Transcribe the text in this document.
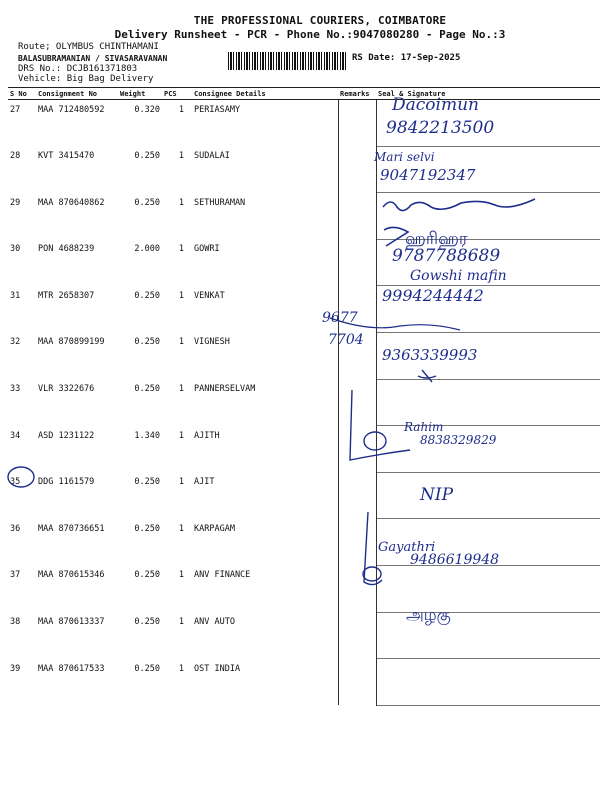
THE PROFESSIONAL COURIERS, COIMBATORE
Delivery Runsheet - PCR - Phone No.:9047080280 - Page No.:3
Route; OLYMBUS CHINTHAMANI
BALASUBRAMANIAN / SIVASARAVANAN
DRS No.: DCJB161371803
Vehicle: Big Bag Delivery
RS Date: 17-Sep-2025
S No	Consignment No	Weight	PCS	Consignee Details	Remarks	Seal & Signature
27	MAA 712480592	0.320	1	PERIASAMY		
28	KVT 3415470	0.250	1	SUDALAI		
29	MAA 870640862	0.250	1	SETHURAMAN		
30	PON 4688239	2.000	1	GOWRI		
31	MTR 2658307	0.250	1	VENKAT		
32	MAA 870899199	0.250	1	VIGNESH		
33	VLR 3322676	0.250	1	PANNERSELVAM		
34	ASD 1231122	1.340	1	AJITH		
35	DDG 1161579	0.250	1	AJIT		
36	MAA 870736651	0.250	1	KARPAGAM		
37	MAA 870615346	0.250	1	ANV FINANCE		
38	MAA 870613337	0.250	1	ANV AUTO		
39	MAA 870617533	0.250	1	OST INDIA		
Dacoimun
9842213500
Mari selvi
9047192347
ஹரிஹர
9787788689
Gowshi mafin
9994244442
9677
7704
9363339993
Rahim
8838329829
NIP
Gayathri
9486619948
அழகு
